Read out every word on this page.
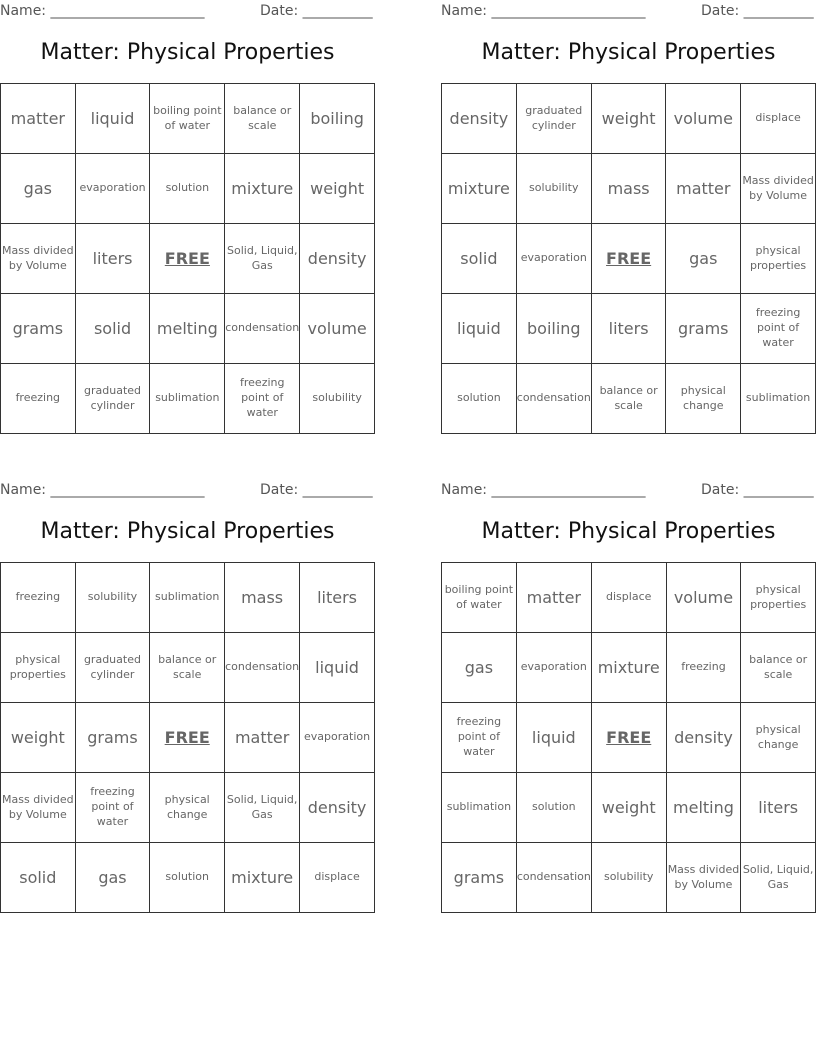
Name: ______________________	Date: __________
Matter: Physical Properties
matter	liquid	boiling point of water	balance or scale	boiling
gas	evaporation	solution	mixture	weight
Mass divided by Volume	liters	FREE	Solid, Liquid, Gas	density
grams	solid	melting	condensation	volume
freezing	graduated cylinder	sublimation	freezing point of water	solubility
Name: ______________________	Date: __________
Matter: Physical Properties
density	graduated cylinder	weight	volume	displace
mixture	solubility	mass	matter	Mass divided by Volume
solid	evaporation	FREE	gas	physical properties
liquid	boiling	liters	grams	freezing point of water
solution	condensation	balance or scale	physical change	sublimation
Name: ______________________	Date: __________
Matter: Physical Properties
freezing	solubility	sublimation	mass	liters
physical properties	graduated cylinder	balance or scale	condensation	liquid
weight	grams	FREE	matter	evaporation
Mass divided by Volume	freezing point of water	physical change	Solid, Liquid, Gas	density
solid	gas	solution	mixture	displace
Name: ______________________	Date: __________
Matter: Physical Properties
boiling point of water	matter	displace	volume	physical properties
gas	evaporation	mixture	freezing	balance or scale
freezing point of water	liquid	FREE	density	physical change
sublimation	solution	weight	melting	liters
grams	condensation	solubility	Mass divided by Volume	Solid, Liquid, Gas
